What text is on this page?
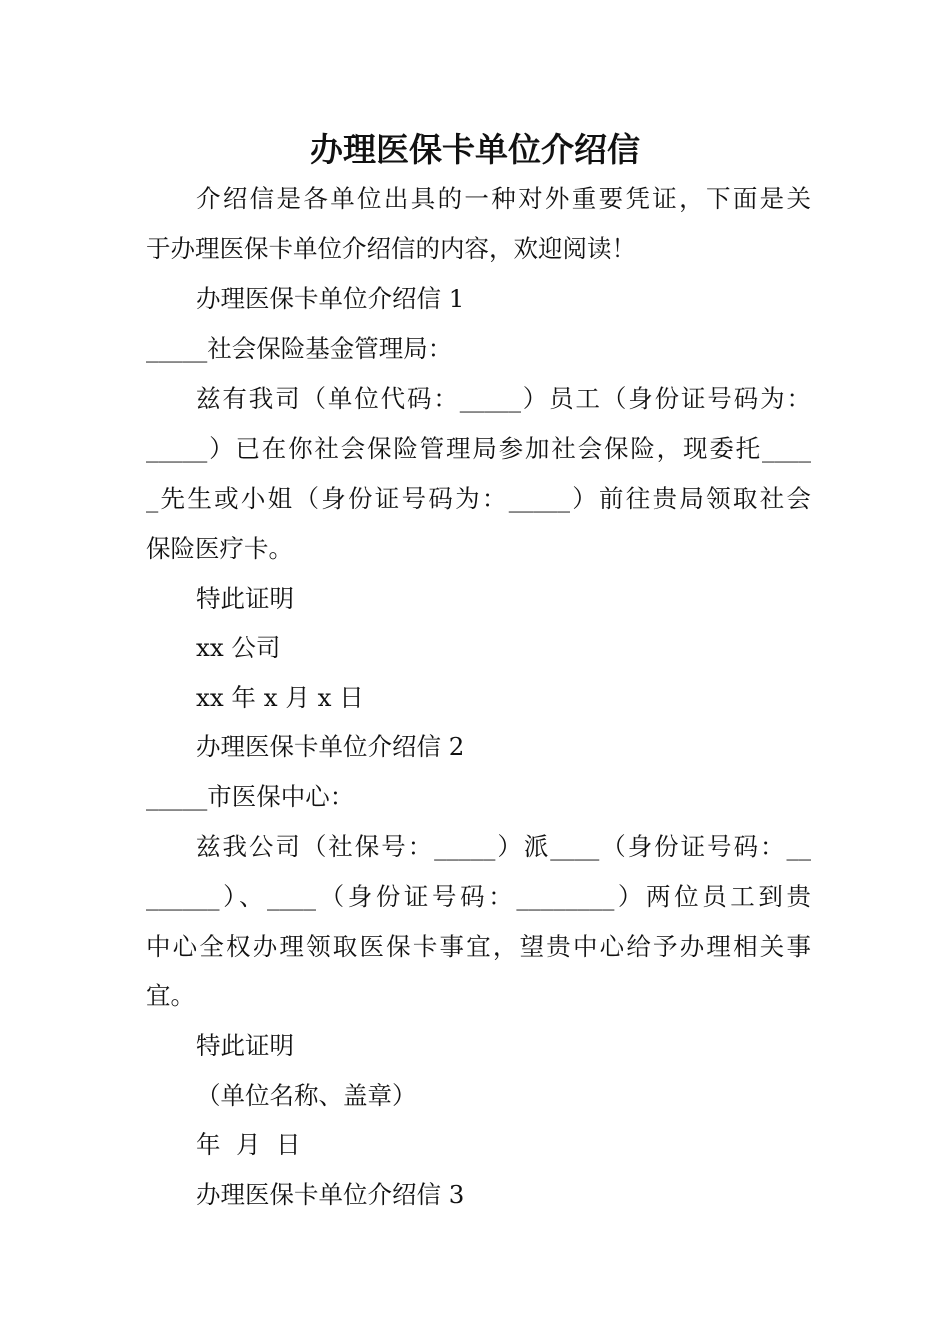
办理医保卡单位介绍信
介绍信是各单位出具的一种对外重要凭证，下面是关
于办理医保卡单位介绍信的内容，欢迎阅读！
办理医保卡单位介绍信 1
_____社会保险基金管理局：
兹有我司（单位代码：_____）员工（身份证号码为：
_____）已在你社会保险管理局参加社会保险，现委托____
_先生或小姐（身份证号码为：_____）前往贵局领取社会
保险医疗卡。
特此证明
xx 公司
xx 年 x 月 x 日
办理医保卡单位介绍信 2
_____市医保中心：
兹我公司（社保号：_____）派____（身份证号码：__
______）、____（身份证号码：________）两位员工到贵
中心全权办理领取医保卡事宜，望贵中心给予办理相关事
宜。
特此证明
（单位名称、盖章）
年  月  日
办理医保卡单位介绍信 3
